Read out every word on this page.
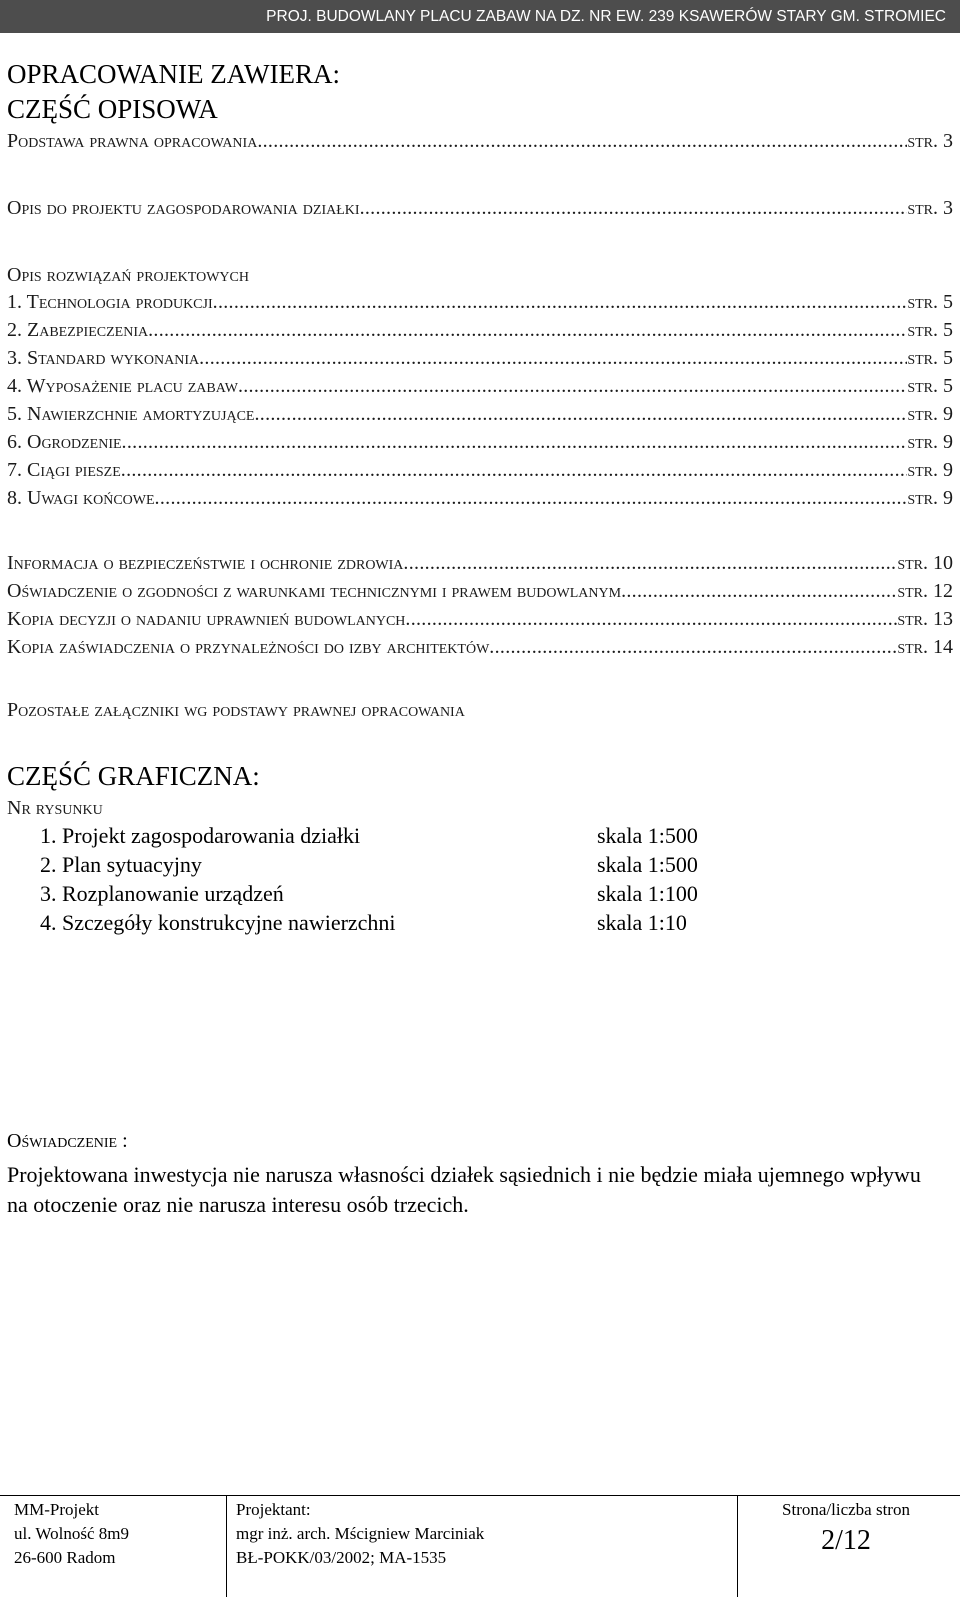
PROJ. BUDOWLANY PLACU ZABAW NA DZ. NR EW. 239 KSAWERÓW STARY GM. STROMIEC
OPRACOWANIE ZAWIERA:
CZĘŚĆ OPISOWA
Podstawa prawna opracowania .....	str. 3
Opis do projektu zagospodarowania działki .....	str. 3
Opis rozwiązań projektowych
1. Technologia produkcji .....	str. 5
2. Zabezpieczenia .....	str. 5
3. Standard wykonania .....	str. 5
4. Wyposażenie placu zabaw .....	str. 5
5. Nawierzchnie amortyzujące .....	str. 9
6. Ogrodzenie .....	str. 9
7. Ciągi piesze .....	str. 9
8. Uwagi końcowe .....	str. 9
Informacja o bezpieczeństwie i ochronie zdrowia .....	str. 10
Oświadczenie o zgodności z warunkami technicznymi i prawem budowlanym .....	str. 12
Kopia decyzji o nadaniu uprawnień budowlanych .....	str. 13
Kopia zaświadczenia o przynależności do izby architektów .....	str. 14
Pozostałe załączniki wg podstawy prawnej opracowania
CZĘŚĆ GRAFICZNA:
Nr rysunku
1. Projekt zagospodarowania działki	skala 1:500
2. Plan sytuacyjny	skala 1:500
3. Rozplanowanie urządzeń	skala 1:100
4. Szczegóły konstrukcyjne nawierzchni	skala 1:10
Oświadczenie :
Projektowana inwestycja nie narusza własności działek sąsiednich i nie będzie miała ujemnego wpływu na otoczenie oraz nie narusza interesu osób trzecich.
MM-Projekt
ul. Wolność 8m9
26-600 Radom
Projektant:
mgr inż. arch. Mścigniew Marciniak
BŁ-POKK/03/2002; MA-1535
Strona/liczba stron
2/12
